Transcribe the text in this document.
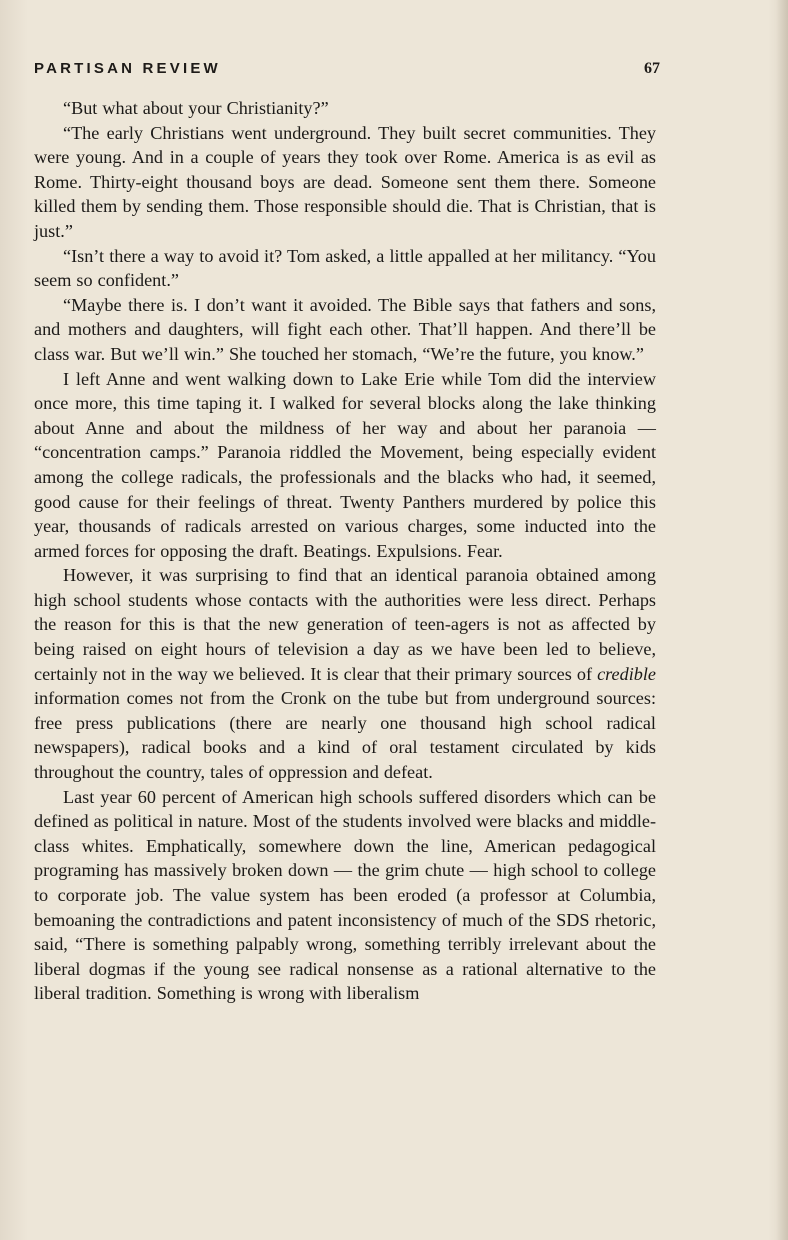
PARTISAN REVIEW	67

“But what about your Christianity?”

“The early Christians went underground. They built secret communities. They were young. And in a couple of years they took over Rome. America is as evil as Rome. Thirty-eight thousand boys are dead. Someone sent them there. Someone killed them by sending them. Those responsible should die. That is Christian, that is just.”

“Isn’t there a way to avoid it? Tom asked, a little appalled at her militancy. “You seem so confident.”

“Maybe there is. I don’t want it avoided. The Bible says that fathers and sons, and mothers and daughters, will fight each other. That’ll happen. And there’ll be class war. But we’ll win.” She touched her stomach, “We’re the future, you know.”

I left Anne and went walking down to Lake Erie while Tom did the interview once more, this time taping it. I walked for several blocks along the lake thinking about Anne and about the mildness of her way and about her paranoia — “concentration camps.” Paranoia riddled the Movement, being especially evident among the college radicals, the professionals and the blacks who had, it seemed, good cause for their feelings of threat. Twenty Panthers murdered by police this year, thousands of radicals arrested on various charges, some inducted into the armed forces for opposing the draft. Beatings. Expulsions. Fear.

However, it was surprising to find that an identical paranoia obtained among high school students whose contacts with the authorities were less direct. Perhaps the reason for this is that the new generation of teen-agers is not as affected by being raised on eight hours of television a day as we have been led to believe, certainly not in the way we believed. It is clear that their primary sources of credible information comes not from the Cronk on the tube but from underground sources: free press publications (there are nearly one thousand high school radical newspapers), radical books and a kind of oral testament circulated by kids throughout the country, tales of oppression and defeat.

Last year 60 percent of American high schools suffered disorders which can be defined as political in nature. Most of the students involved were blacks and middle-class whites. Emphatically, somewhere down the line, American pedagogical programing has massively broken down — the grim chute — high school to college to corporate job. The value system has been eroded (a professor at Columbia, bemoaning the contradictions and patent inconsistency of much of the SDS rhetoric, said, “There is something palpably wrong, something terribly irrelevant about the liberal dogmas if the young see radical nonsense as a rational alternative to the liberal tradition. Something is wrong with liberalism
